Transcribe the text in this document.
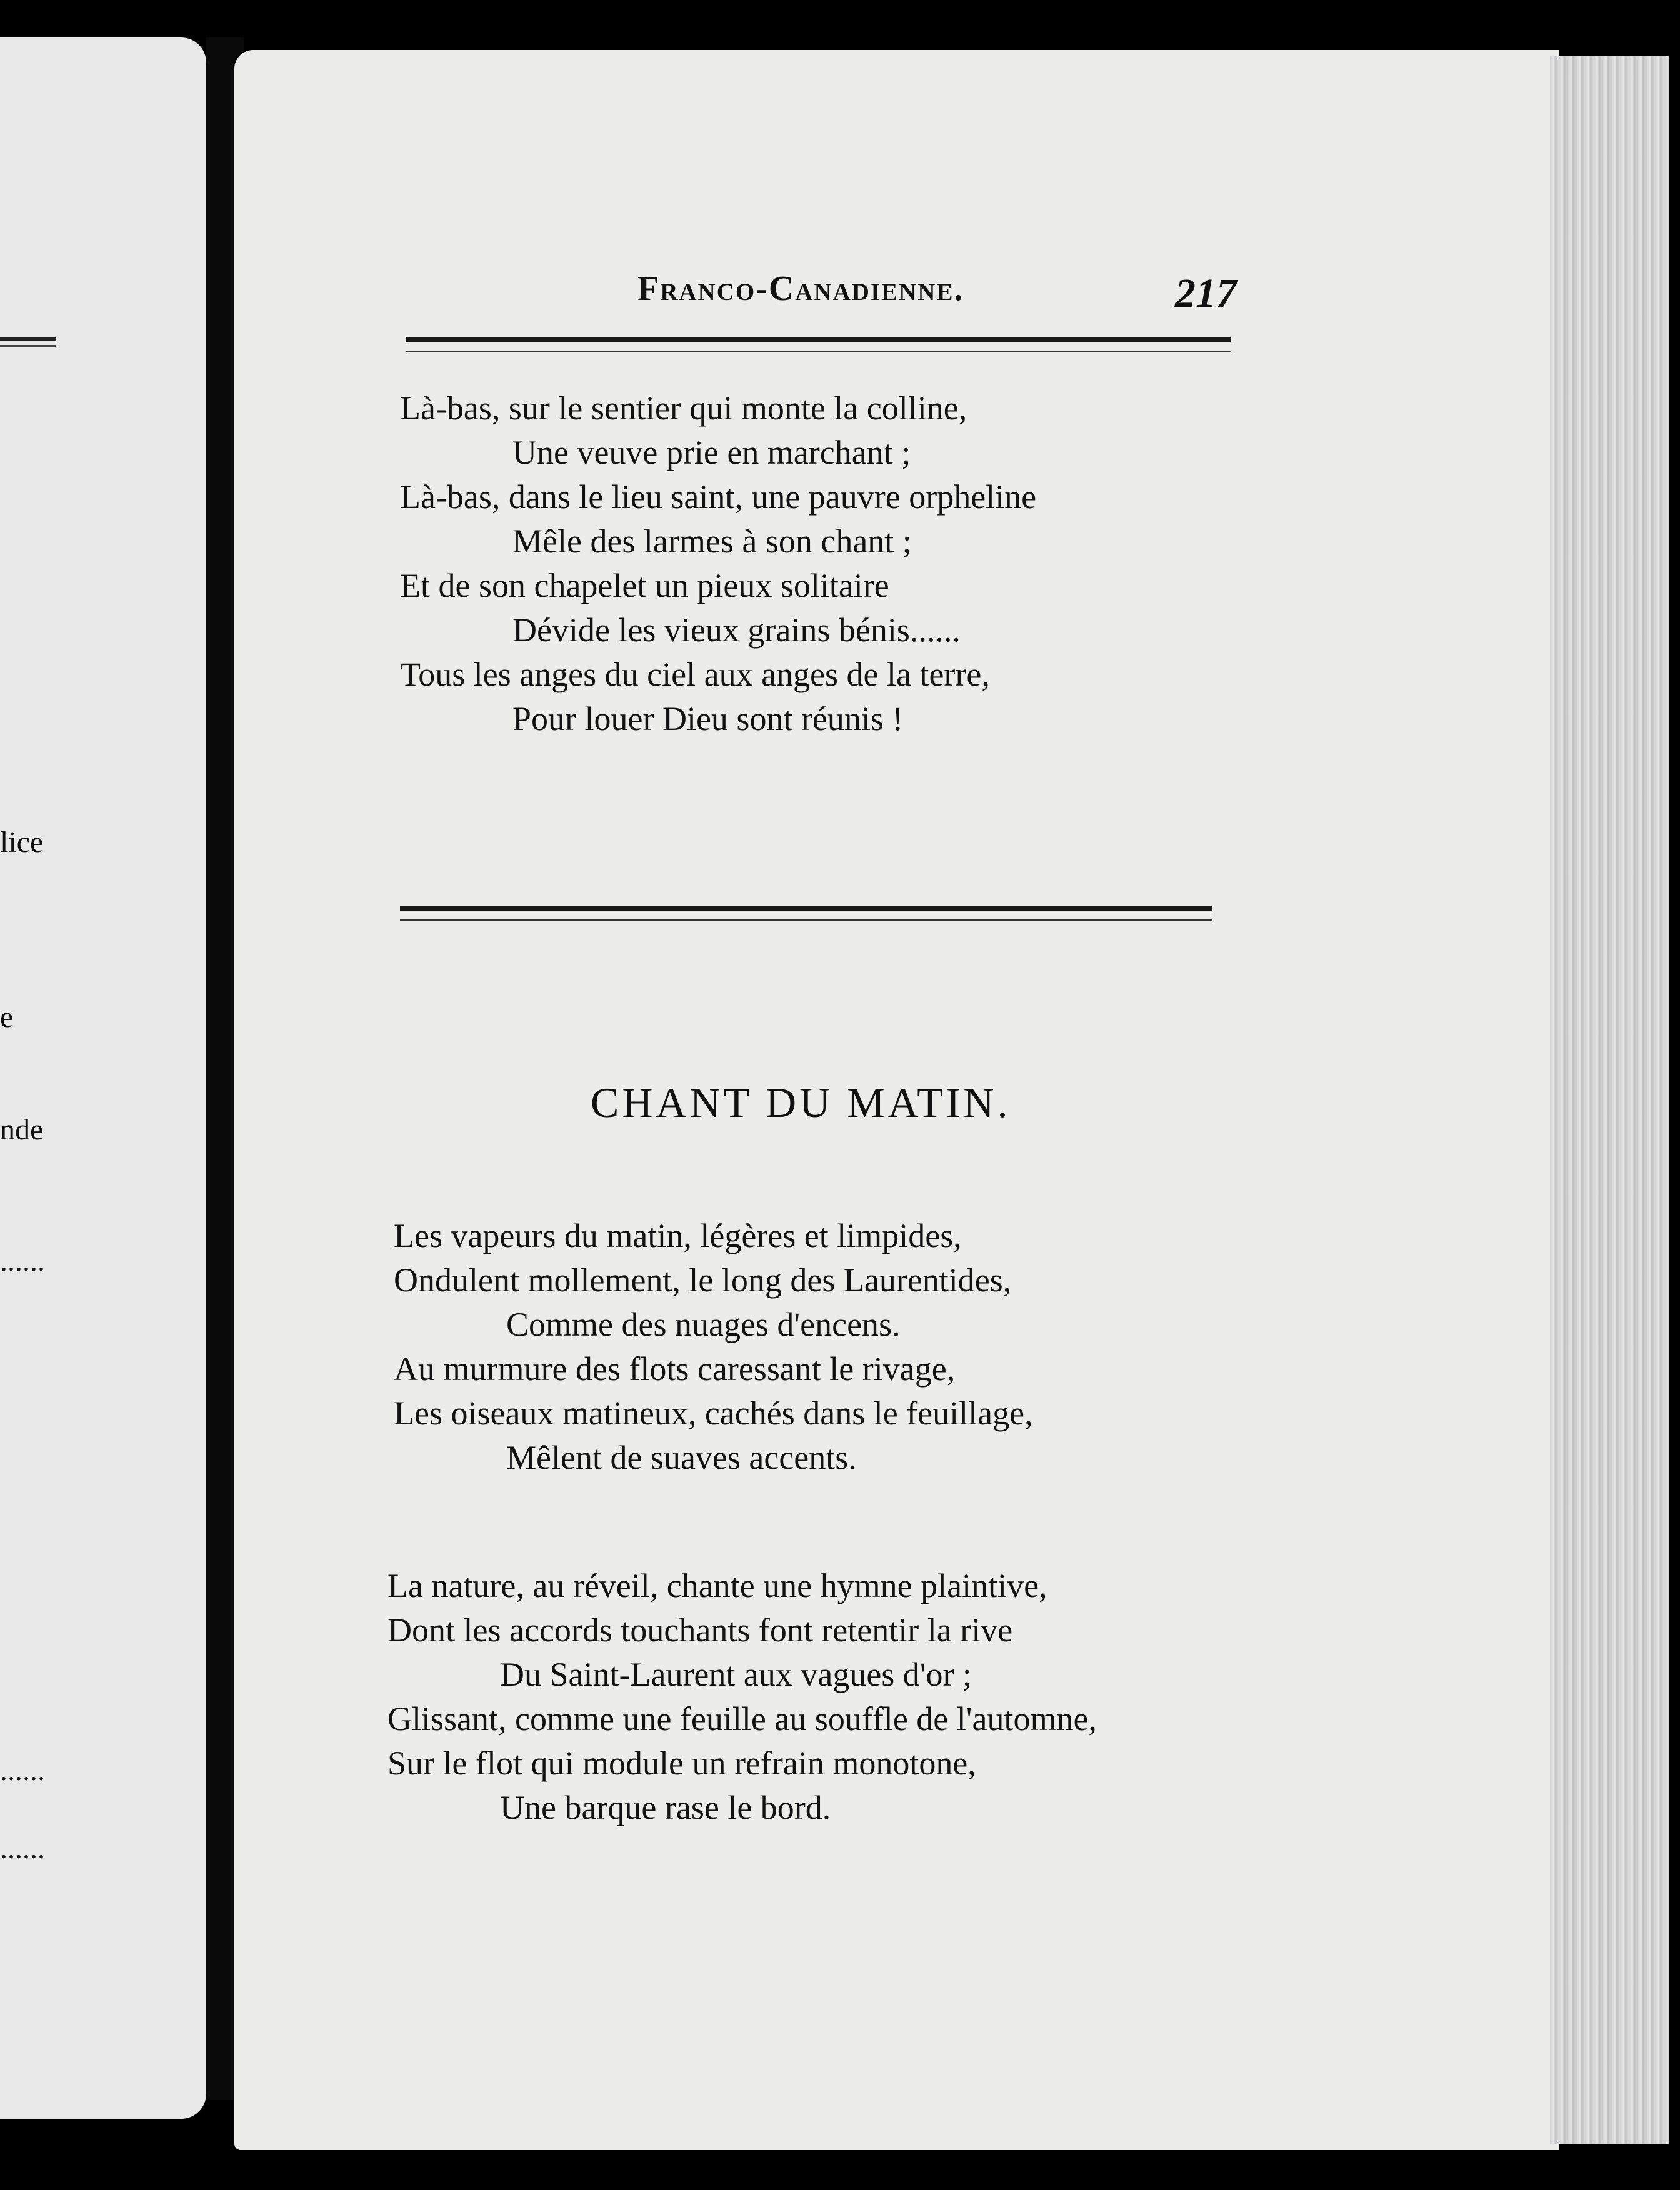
lice
e
nde
......
......
......
Franco-Canadienne.	217

Là-bas, sur le sentier qui monte la colline,
Une veuve prie en marchant ;
Là-bas, dans le lieu saint, une pauvre orpheline
Mêle des larmes à son chant ;
Et de son chapelet un pieux solitaire
Dévide les vieux grains bénis......
Tous les anges du ciel aux anges de la terre,
Pour louer Dieu sont réunis !

CHANT DU MATIN.

Les vapeurs du matin, légères et limpides,
Ondulent mollement, le long des Laurentides,
Comme des nuages d'encens.
Au murmure des flots caressant le rivage,
Les oiseaux matineux, cachés dans le feuillage,
Mêlent de suaves accents.

La nature, au réveil, chante une hymne plaintive,
Dont les accords touchants font retentir la rive
Du Saint-Laurent aux vagues d'or ;
Glissant, comme une feuille au souffle de l'automne,
Sur le flot qui module un refrain monotone,
Une barque rase le bord.
